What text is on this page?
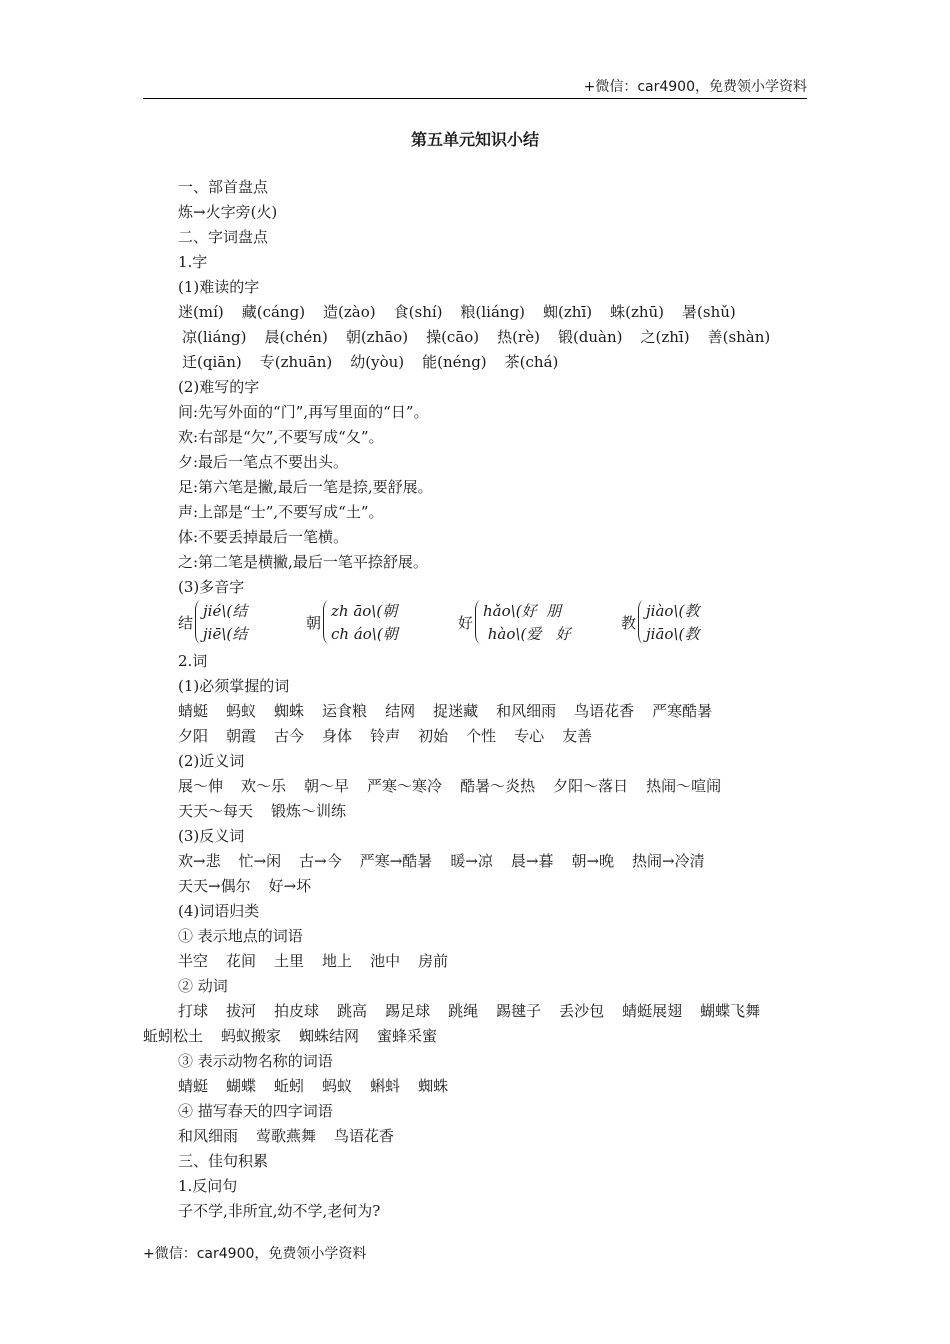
+微信：car4900，免费领小学资料
第五单元知识小结
一、部首盘点
炼→火字旁(火)
二、字词盘点
1.字
(1)难读的字
迷(mí) 藏(cáng) 造(zào) 食(shí) 粮(liáng) 蜘(zhī) 蛛(zhū) 暑(shǔ)
凉(liáng) 晨(chén) 朝(zhāo) 操(cāo) 热(rè) 锻(duàn) 之(zhī) 善(shàn)
迁(qiān) 专(zhuān) 幼(yòu) 能(néng) 茶(chá)
(2)难写的字
间:先写外面的“门”,再写里面的“日”。
欢:右部是“欠”,不要写成“夂”。
夕:最后一笔点不要出头。
足:第六笔是撇,最后一笔是捺,要舒展。
声:上部是“士”,不要写成“土”。
体:不要丢掉最后一笔横。
之:第二笔是横撇,最后一笔平捺舒展。
(3)多音字
结
jié\(结
jiē\(结
朝
zh āo\(朝
ch áo\(朝
好
hǎo\(好  朋
hào\(爱   好
教
jiào\(教
jiāo\(教
2.词
(1)必须掌握的词
蜻蜓 蚂蚁 蜘蛛 运食粮 结网 捉迷藏 和风细雨 鸟语花香 严寒酷暑
夕阳 朝霞 古今 身体 铃声 初始 个性 专心 友善
(2)近义词
展～伸 欢～乐 朝～早 严寒～寒冷 酷暑～炎热 夕阳～落日 热闹～喧闹
天天～每天 锻炼～训练
(3)反义词
欢→悲 忙→闲 古→今 严寒→酷暑 暖→凉 晨→暮 朝→晚 热闹→冷清
天天→偶尔 好→坏
(4)词语归类
① 表示地点的词语
半空 花间 土里 地上 池中 房前
② 动词
打球 拔河 拍皮球 跳高 踢足球 跳绳 踢毽子 丢沙包 蜻蜓展翅 蝴蝶飞舞
蚯蚓松土 蚂蚁搬家 蜘蛛结网 蜜蜂采蜜
③ 表示动物名称的词语
蜻蜓 蝴蝶 蚯蚓 蚂蚁 蝌蚪 蜘蛛
④ 描写春天的四字词语
和风细雨 莺歌燕舞 鸟语花香
三、佳句积累
1.反问句
子不学,非所宜,幼不学,老何为?
+微信：car4900，免费领小学资料
